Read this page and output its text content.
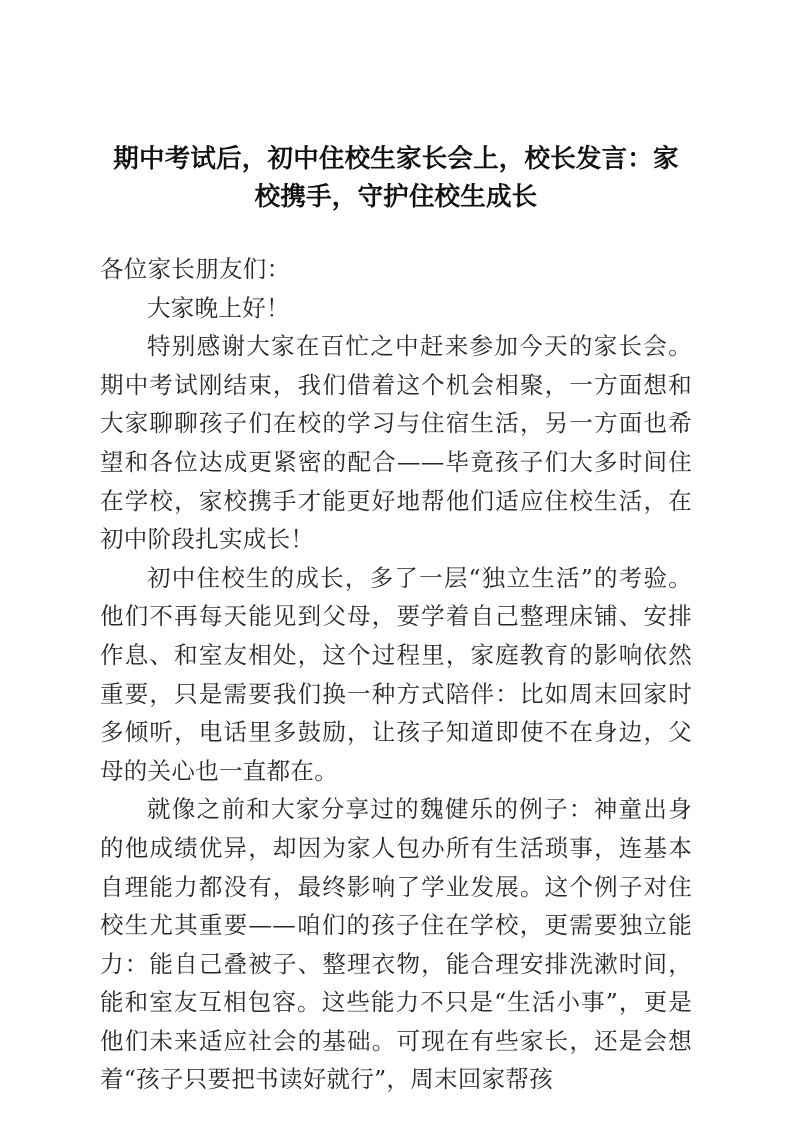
期中考试后，初中住校生家长会上，校长发言：家校携手，守护住校生成长

各位家长朋友们：

大家晚上好！

特别感谢大家在百忙之中赶来参加今天的家长会。期中考试刚结束，我们借着这个机会相聚，一方面想和大家聊聊孩子们在校的学习与住宿生活，另一方面也希望和各位达成更紧密的配合——毕竟孩子们大多时间住在学校，家校携手才能更好地帮他们适应住校生活，在初中阶段扎实成长！

初中住校生的成长，多了一层“独立生活”的考验。他们不再每天能见到父母，要学着自己整理床铺、安排作息、和室友相处，这个过程里，家庭教育的影响依然重要，只是需要我们换一种方式陪伴：比如周末回家时多倾听，电话里多鼓励，让孩子知道即使不在身边，父母的关心也一直都在。

就像之前和大家分享过的魏健乐的例子：神童出身的他成绩优异，却因为家人包办所有生活琐事，连基本自理能力都没有，最终影响了学业发展。这个例子对住校生尤其重要——咱们的孩子住在学校，更需要独立能力：能自己叠被子、整理衣物，能合理安排洗漱时间，能和室友互相包容。这些能力不只是“生活小事”，更是他们未来适应社会的基础。可现在有些家长，还是会想着“孩子只要把书读好就行”，周末回家帮孩
